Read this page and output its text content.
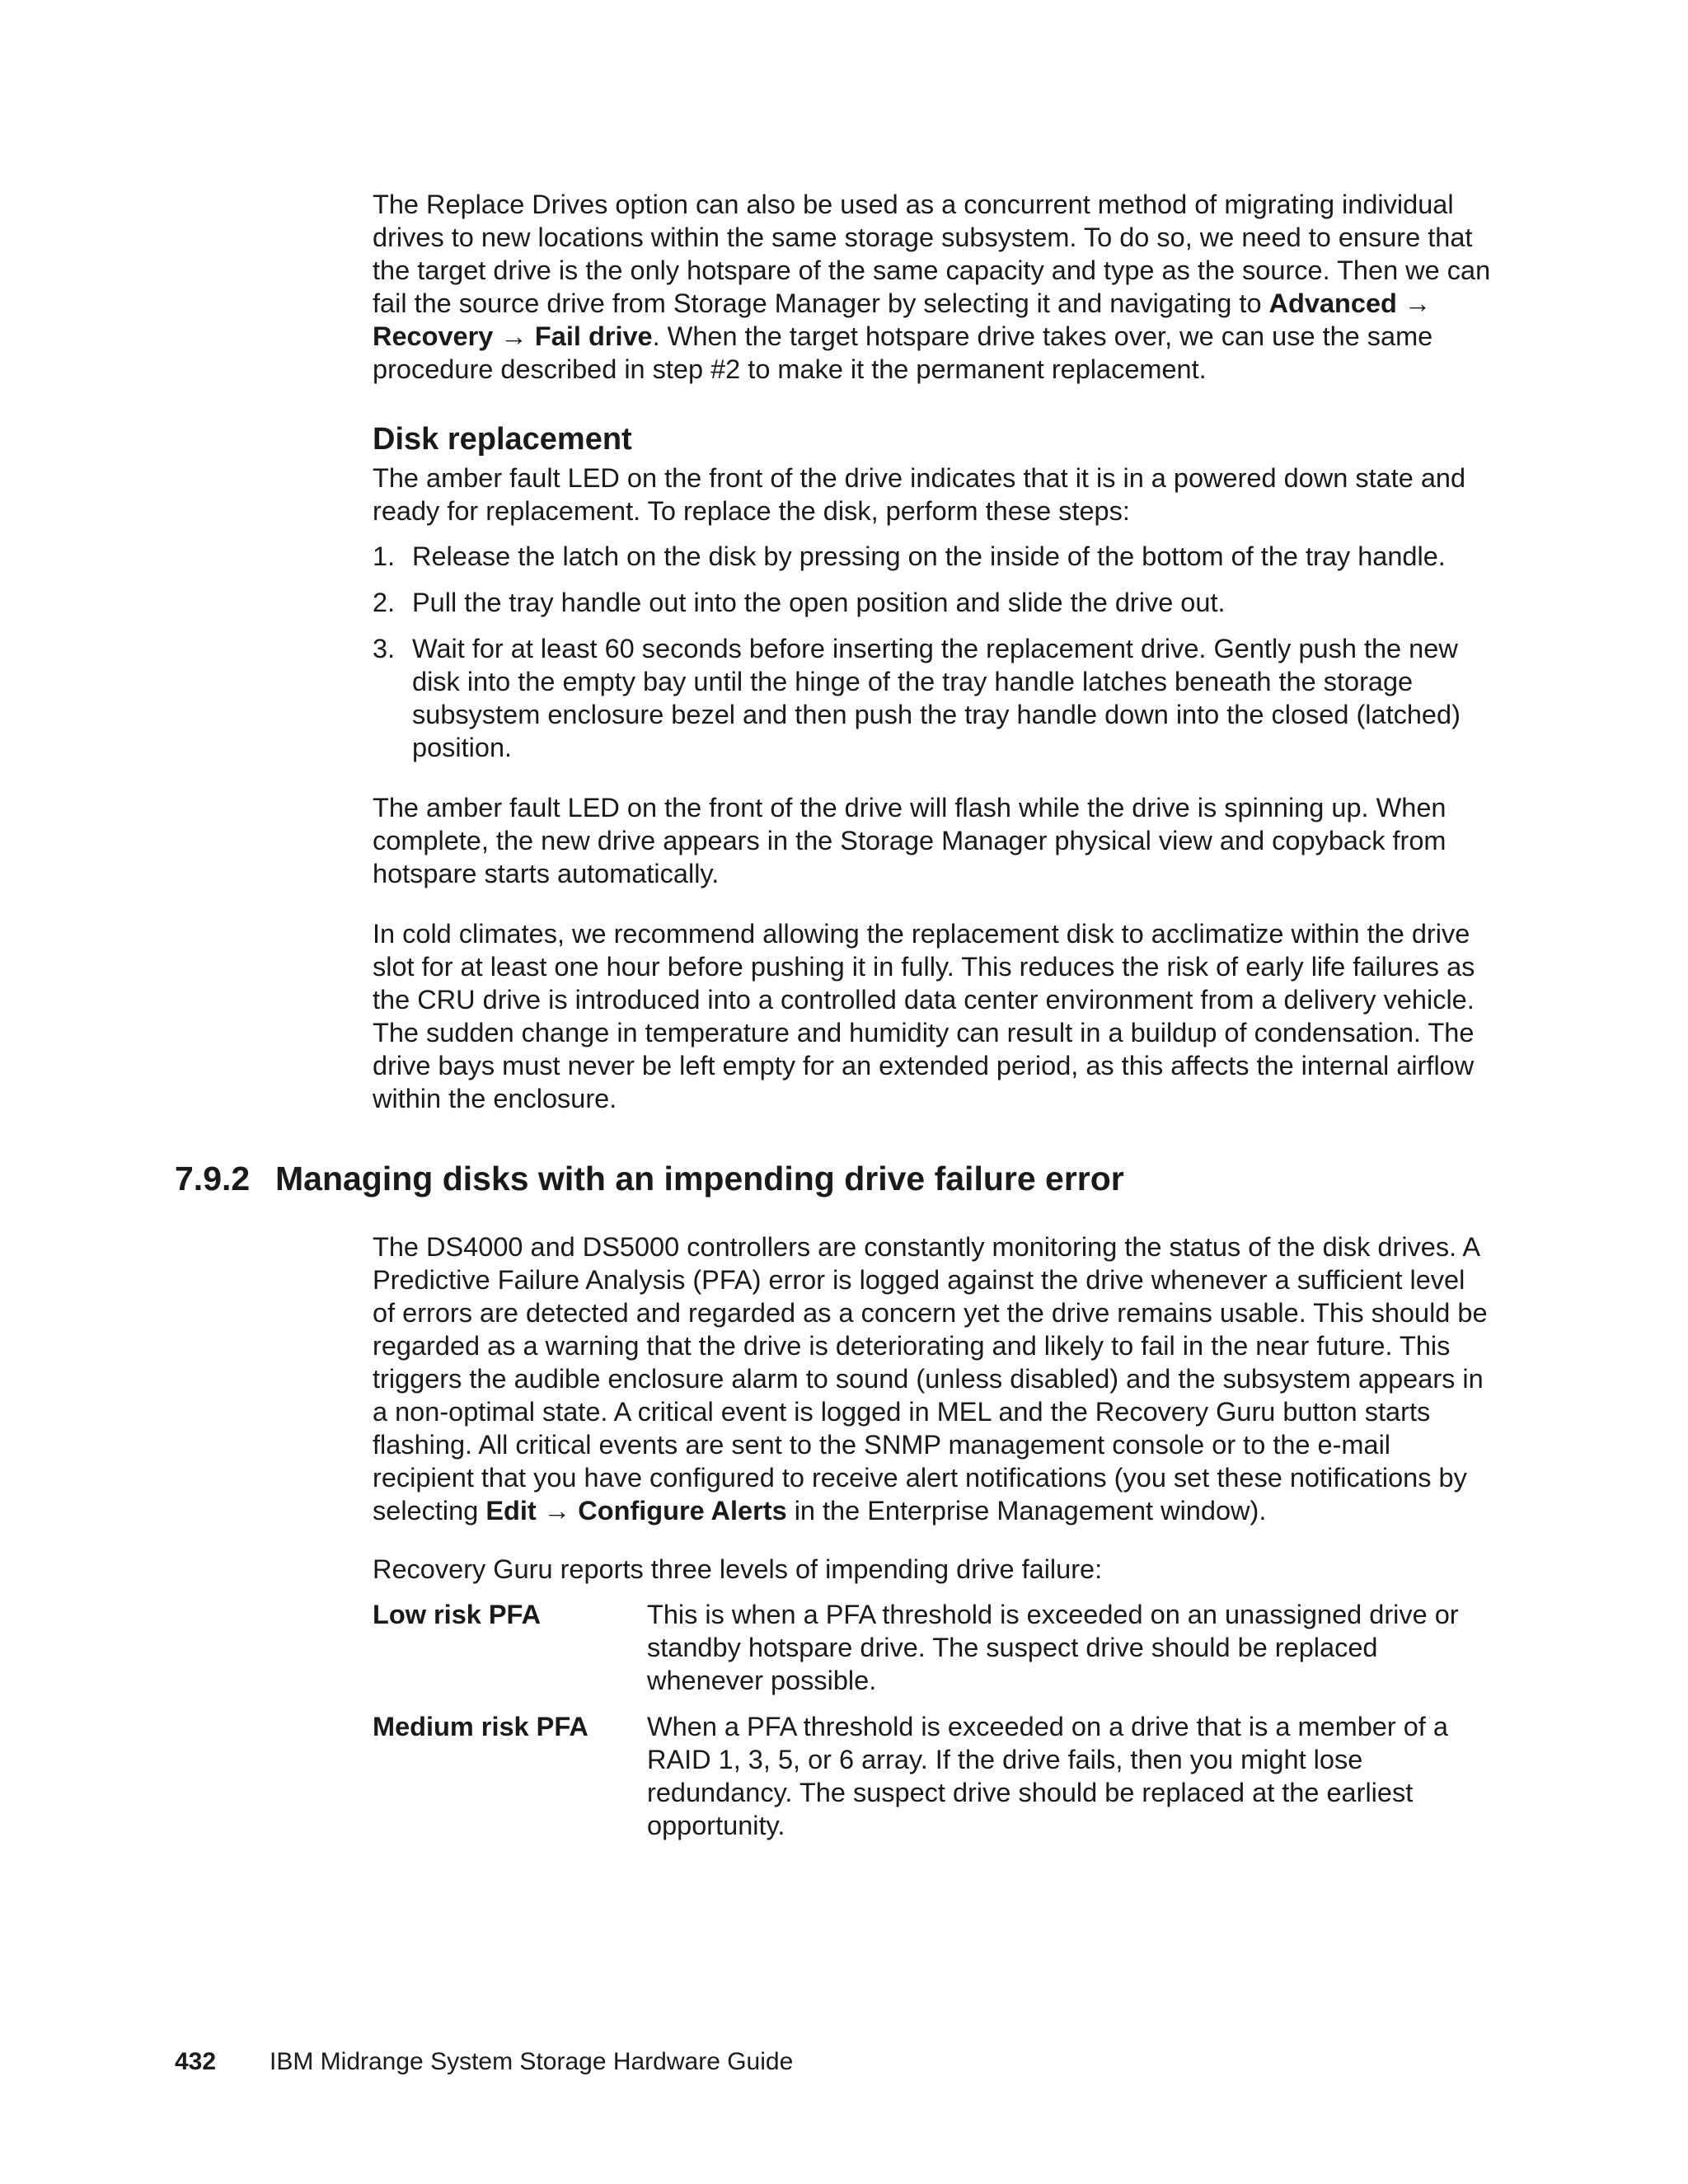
The Replace Drives option can also be used as a concurrent method of migrating individual drives to new locations within the same storage subsystem. To do so, we need to ensure that the target drive is the only hotspare of the same capacity and type as the source. Then we can fail the source drive from Storage Manager by selecting it and navigating to Advanced → Recovery → Fail drive. When the target hotspare drive takes over, we can use the same procedure described in step #2 to make it the permanent replacement.

Disk replacement

The amber fault LED on the front of the drive indicates that it is in a powered down state and ready for replacement. To replace the disk, perform these steps:

1. Release the latch on the disk by pressing on the inside of the bottom of the tray handle.
2. Pull the tray handle out into the open position and slide the drive out.
3. Wait for at least 60 seconds before inserting the replacement drive. Gently push the new disk into the empty bay until the hinge of the tray handle latches beneath the storage subsystem enclosure bezel and then push the tray handle down into the closed (latched) position.

The amber fault LED on the front of the drive will flash while the drive is spinning up. When complete, the new drive appears in the Storage Manager physical view and copyback from hotspare starts automatically.

In cold climates, we recommend allowing the replacement disk to acclimatize within the drive slot for at least one hour before pushing it in fully. This reduces the risk of early life failures as the CRU drive is introduced into a controlled data center environment from a delivery vehicle. The sudden change in temperature and humidity can result in a buildup of condensation. The drive bays must never be left empty for an extended period, as this affects the internal airflow within the enclosure.

7.9.2 Managing disks with an impending drive failure error

The DS4000 and DS5000 controllers are constantly monitoring the status of the disk drives. A Predictive Failure Analysis (PFA) error is logged against the drive whenever a sufficient level of errors are detected and regarded as a concern yet the drive remains usable. This should be regarded as a warning that the drive is deteriorating and likely to fail in the near future. This triggers the audible enclosure alarm to sound (unless disabled) and the subsystem appears in a non-optimal state. A critical event is logged in MEL and the Recovery Guru button starts flashing. All critical events are sent to the SNMP management console or to the e-mail recipient that you have configured to receive alert notifications (you set these notifications by selecting Edit → Configure Alerts in the Enterprise Management window).

Recovery Guru reports three levels of impending drive failure:

Low risk PFA	This is when a PFA threshold is exceeded on an unassigned drive or standby hotspare drive. The suspect drive should be replaced whenever possible.
Medium risk PFA When a PFA threshold is exceeded on a drive that is a member of a RAID 1, 3, 5, or 6 array. If the drive fails, then you might lose redundancy. The suspect drive should be replaced at the earliest opportunity.
432 IBM Midrange System Storage Hardware Guide
